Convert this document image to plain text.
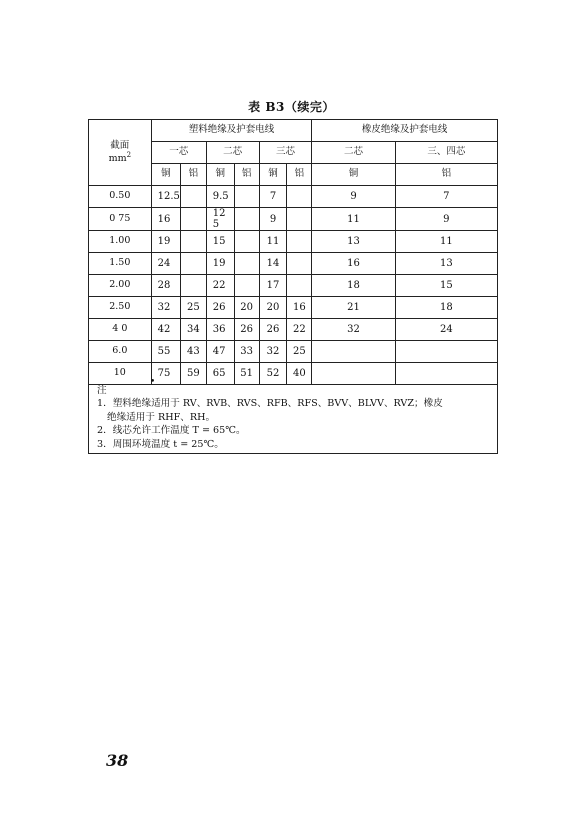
表 B3（续完）
截面
$mm^2$	塑料绝缘及护套电线						橡皮绝缘及护套电线	
	一芯		二芯		三芯		二芯	三、四芯
	铜	铝	铜	铝	铜	铝	铜	铝
0.50	12.5		9.5		7		9	7
0 75	16		12 5		9		11	9
1.00	19		15		11		13	11
1.50	24		19		14		16	13
2.00	28		22		17		18	15
2.50	32	25	26	20	20	16	21	18
4 0	42	34	36	26	26	22	32	24
6.0	55	43	47	33	32	25		
10	75	59	65	51	52	40		
•
注
1．塑料绝缘适用于 RV、RVB、RVS、RFB、RFS、BVV、BLVV、RVZ；橡皮
绝缘适用于 RHF、RH。
2．线芯允许工作温度 T = 65℃。
3．周围环境温度 t = 25℃。
38
